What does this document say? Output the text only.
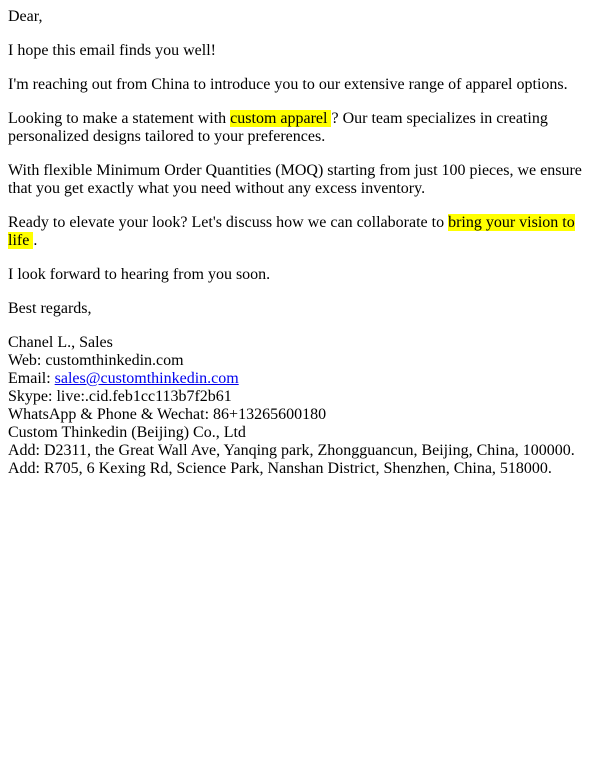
Dear,

I hope this email finds you well!

I'm reaching out from China to introduce you to our extensive range of apparel options.

Looking to make a statement with custom apparel ? Our team specializes in creating personalized designs tailored to your preferences.

With flexible Minimum Order Quantities (MOQ) starting from just 100 pieces, we ensure that you get exactly what you need without any excess inventory.

Ready to elevate your look? Let's discuss how we can collaborate to bring your vision to life .

I look forward to hearing from you soon.

Best regards,

Chanel L., Sales
Web: customthinkedin.com
Email: sales@customthinkedin.com
Skype: live:.cid.feb1cc113b7f2b61
WhatsApp & Phone & Wechat: 86+13265600180
Custom Thinkedin (Beijing) Co., Ltd
Add: D2311, the Great Wall Ave, Yanqing park, Zhongguancun, Beijing, China, 100000.
Add: R705, 6 Kexing Rd, Science Park, Nanshan District, Shenzhen, China, 518000.
